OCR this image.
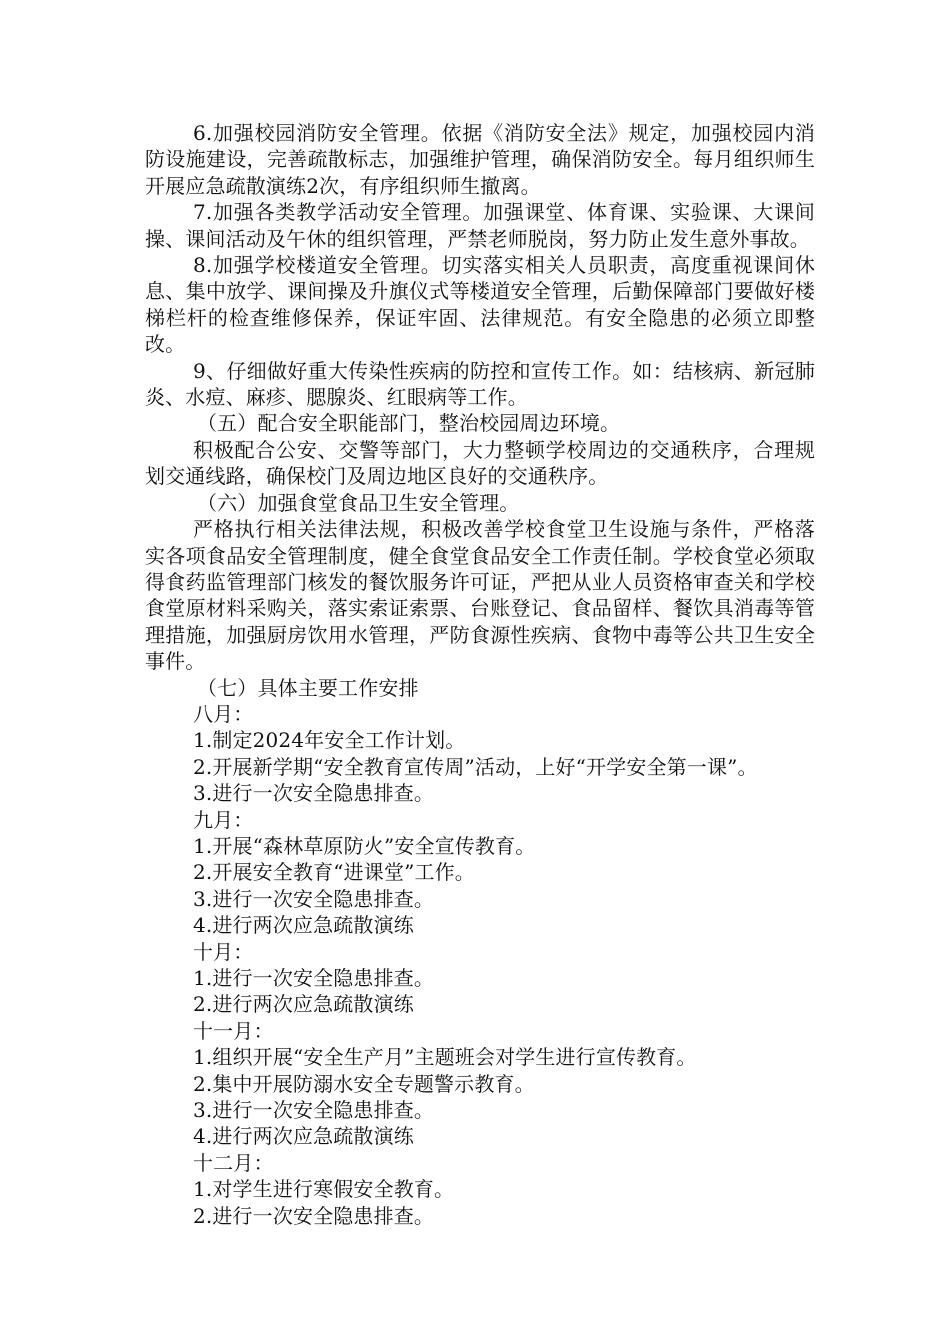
6.加强校园消防安全管理。依据《消防安全法》规定，加强校园内消防设施建设，完善疏散标志，加强维护管理，确保消防安全。每月组织师生开展应急疏散演练2次，有序组织师生撤离。

7.加强各类教学活动安全管理。加强课堂、体育课、实验课、大课间操、课间活动及午休的组织管理，严禁老师脱岗，努力防止发生意外事故。

8.加强学校楼道安全管理。切实落实相关人员职责，高度重视课间休息、集中放学、课间操及升旗仪式等楼道安全管理，后勤保障部门要做好楼梯栏杆的检查维修保养，保证牢固、法律规范。有安全隐患的必须立即整改。

9、仔细做好重大传染性疾病的防控和宣传工作。如：结核病、新冠肺炎、水痘、麻疹、腮腺炎、红眼病等工作。

（五）配合安全职能部门，整治校园周边环境。

积极配合公安、交警等部门，大力整顿学校周边的交通秩序，合理规划交通线路，确保校门及周边地区良好的交通秩序。

（六）加强食堂食品卫生安全管理。

严格执行相关法律法规，积极改善学校食堂卫生设施与条件，严格落实各项食品安全管理制度，健全食堂食品安全工作责任制。学校食堂必须取得食药监管理部门核发的餐饮服务许可证，严把从业人员资格审查关和学校食堂原材料采购关，落实索证索票、台账登记、食品留样、餐饮具消毒等管理措施，加强厨房饮用水管理，严防食源性疾病、食物中毒等公共卫生安全事件。

（七）具体主要工作安排

八月：

1.制定2024年安全工作计划。

2.开展新学期“安全教育宣传周”活动，上好“开学安全第一课”。

3.进行一次安全隐患排查。

九月：

1.开展“森林草原防火”安全宣传教育。

2.开展安全教育“进课堂”工作。

3.进行一次安全隐患排查。

4.进行两次应急疏散演练

十月：

1.进行一次安全隐患排查。

2.进行两次应急疏散演练

十一月：

1.组织开展“安全生产月”主题班会对学生进行宣传教育。

2.集中开展防溺水安全专题警示教育。

3.进行一次安全隐患排查。

4.进行两次应急疏散演练

十二月：

1.对学生进行寒假安全教育。

2.进行一次安全隐患排查。
